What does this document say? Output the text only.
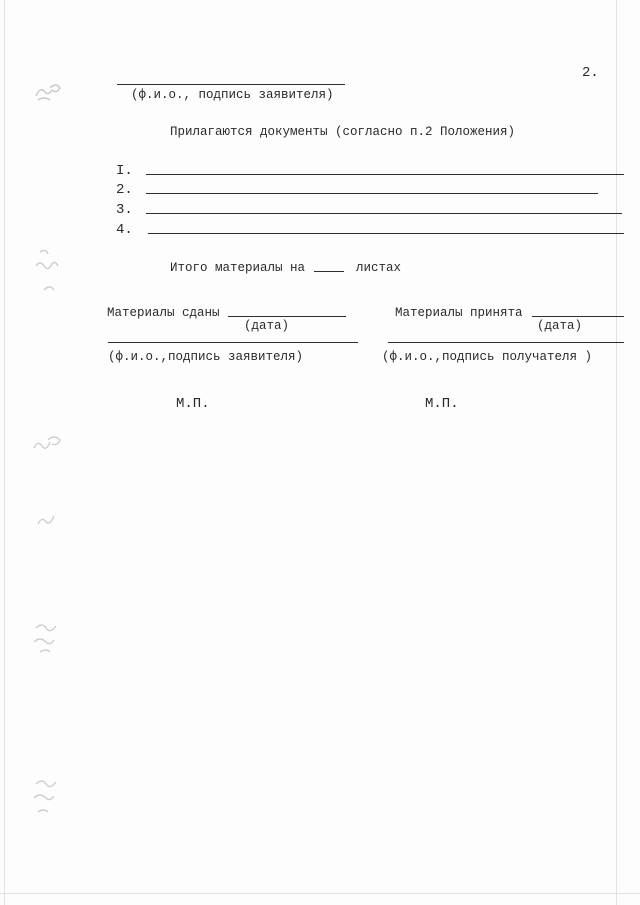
2.
(ф.и.о., подпись заявителя)
Прилагаются документы (согласно п.2 Положения)
I.
2.
3.
4.
Итого материалы на	листах
Материалы сданы
(дата)
(ф.и.о.,подпись заявителя)
М.П.
Материалы принята
(дата)
(ф.и.о.,подпись получателя )
М.П.
